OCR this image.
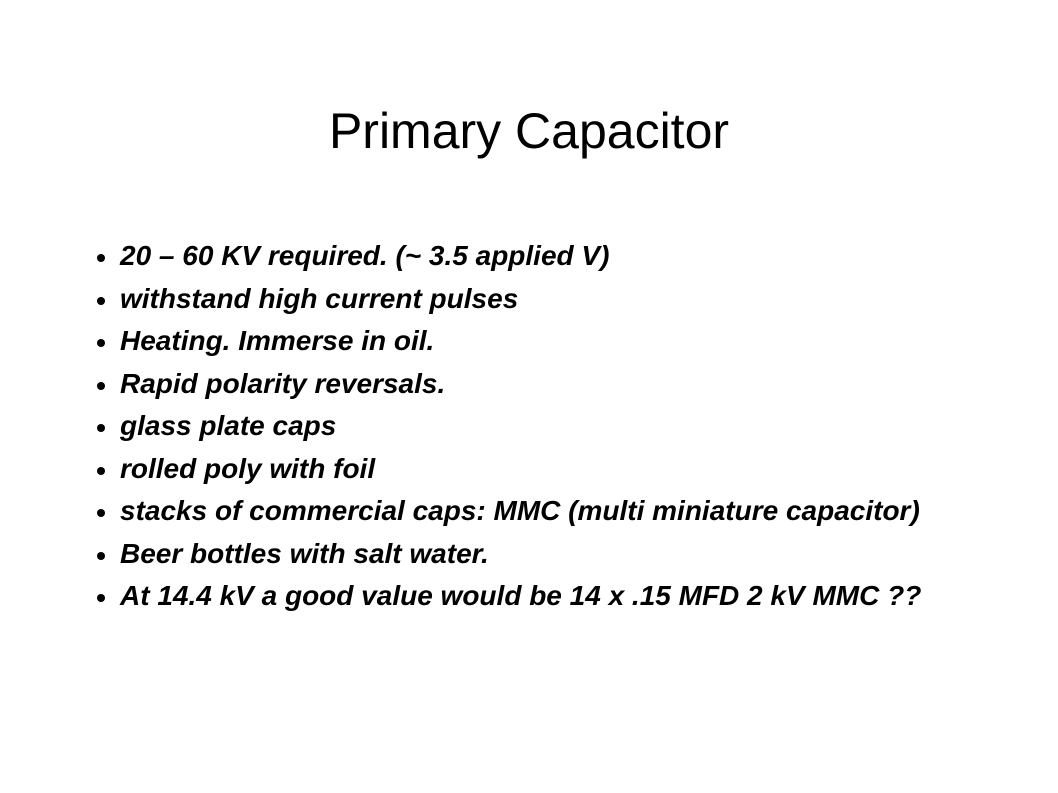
Primary Capacitor
20 – 60 KV required. (~ 3.5 applied V)
withstand high current pulses
Heating. Immerse in oil.
Rapid polarity reversals.
glass plate caps
rolled poly with foil
stacks of commercial caps: MMC (multi miniature capacitor)
Beer bottles with salt water.
At 14.4 kV a good value would be 14 x .15 MFD 2 kV MMC ??
